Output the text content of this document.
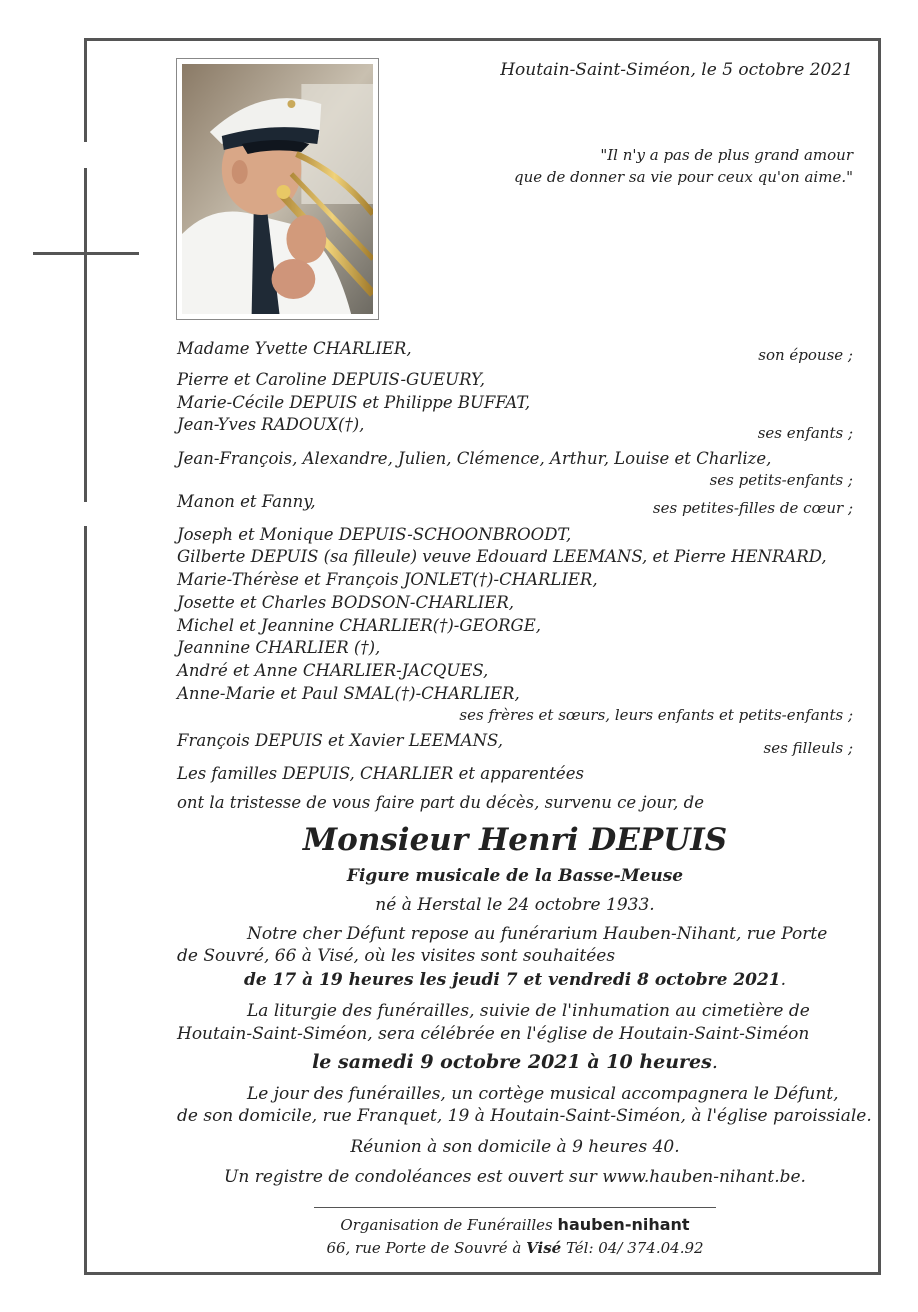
Houtain-Saint-Siméon, le 5 octobre 2021
"Il n'y a pas de plus grand amour
que de donner sa vie pour ceux qu'on aime."
Madame Yvette CHARLIER,	son épouse ;
Pierre et Caroline DEPUIS-GUEURY,
Marie-Cécile DEPUIS et Philippe BUFFAT,
Jean-Yves RADOUX(†),	ses enfants ;
Jean-François, Alexandre, Julien, Clémence, Arthur, Louise et Charlize,
ses petits-enfants ;
Manon et Fanny,	ses petites-filles de cœur ;
Joseph et Monique DEPUIS-SCHOONBROODT,
Gilberte DEPUIS (sa filleule) veuve Edouard LEEMANS, et Pierre HENRARD,
Marie-Thérèse et François JONLET(†)-CHARLIER,
Josette et Charles BODSON-CHARLIER,
Michel et Jeannine CHARLIER(†)-GEORGE,
Jeannine CHARLIER (†),
André et Anne CHARLIER-JACQUES,
Anne-Marie et Paul SMAL(†)-CHARLIER,
ses frères et sœurs, leurs enfants et petits-enfants ;
François DEPUIS et Xavier LEEMANS,	ses filleuls ;
Les familles DEPUIS, CHARLIER et apparentées
ont la tristesse de vous faire part du décès, survenu ce jour, de
Monsieur Henri DEPUIS
Figure musicale de la Basse-Meuse
né à Herstal le 24 octobre 1933.
Notre cher Défunt repose au funérarium Hauben-Nihant, rue Porte
de Souvré, 66 à Visé, où les visites sont souhaitées
de 17 à 19 heures les jeudi 7 et vendredi 8 octobre 2021.
La liturgie des funérailles, suivie de l'inhumation au cimetière de
Houtain-Saint-Siméon, sera célébrée en l'église de Houtain-Saint-Siméon
le samedi 9 octobre 2021 à 10 heures.
Le jour des funérailles, un cortège musical accompagnera le Défunt,
de son domicile, rue Franquet, 19 à Houtain-Saint-Siméon, à l'église paroissiale.
Réunion à son domicile à 9 heures 40.
Un registre de condoléances est ouvert sur www.hauben-nihant.be.
Organisation de Funérailles hauben-nihant
66, rue Porte de Souvré à Visé Tél: 04/ 374.04.92
